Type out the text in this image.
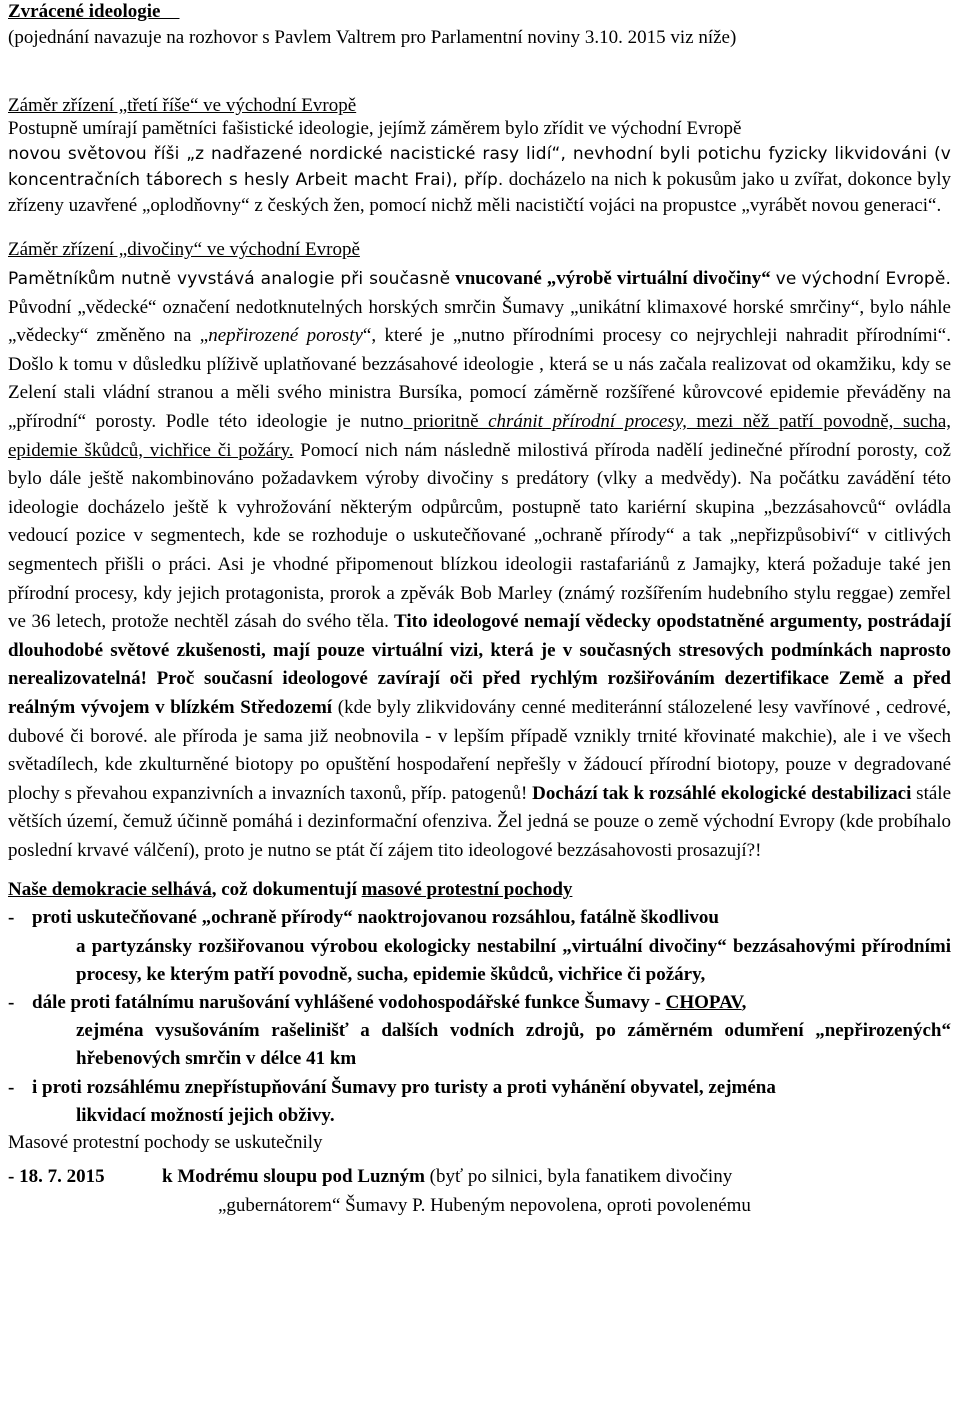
Zvrácené ideologie

(pojednání navazuje na rozhovor s Pavlem Valtrem pro Parlamentní noviny 3.10. 2015 viz níže)

Záměr zřízení „třetí říše“ ve východní Evropě

Postupně umírají pamětníci fašistické ideologie, jejímž záměrem bylo zřídit ve východní Evropě

novou světovou říši „z nadřazené nordické nacistické rasy lidí“, nevhodní byli potichu fyzicky likvidováni (v koncentračních táborech s hesly Arbeit macht Frai), příp. docházelo na nich k pokusům jako u zvířat, dokonce byly zřízeny uzavřené „oplodňovny“ z českých žen, pomocí nichž měli nacističtí vojáci na propustce „vyrábět novou generaci“.

Záměr zřízení „divočiny“ ve východní Evropě

Pamětníkům nutně vyvstává analogie při současně vnucované „výrobě virtuální divočiny“ ve východní Evropě. Původní „vědecké“ označení nedotknutelných horských smrčin Šumavy „unikátní klimaxové horské smrčiny“, bylo náhle „vědecky“ změněno na „nepřirozené porosty“, které je „nutno přírodními procesy co nejrychleji nahradit přírodními“. Došlo k tomu v důsledku plíživě uplatňované bezzásahové ideologie , která se u nás začala realizovat od okamžiku, kdy se Zelení stali vládní stranou a měli svého ministra Bursíka, pomocí záměrně rozšířené kůrovcové epidemie převáděny na „přírodní“ porosty. Podle této ideologie je nutno prioritně chránit přírodní procesy, mezi něž patří povodně, sucha, epidemie škůdců, vichřice či požáry. Pomocí nich nám následně milostivá příroda nadělí jedinečné přírodní porosty, což bylo dále ještě nakombinováno požadavkem výroby divočiny s predátory (vlky a medvědy). Na počátku zavádění této ideologie docházelo ještě k vyhrožování některým odpůrcům, postupně tato kariérní skupina „bezzásahovců“ ovládla vedoucí pozice v segmentech, kde se rozhoduje o uskutečňované „ochraně přírody“ a tak „nepřizpůsobiví“ v citlivých segmentech přišli o práci. Asi je vhodné připomenout blízkou ideologii rastafariánů z Jamajky, která požaduje také jen přírodní procesy, kdy jejich protagonista, prorok a zpěvák Bob Marley (známý rozšířením hudebního stylu reggae) zemřel ve 36 letech, protože nechtěl zásah do svého těla. Tito ideologové nemají vědecky opodstatněné argumenty, postrádají dlouhodobé světové zkušenosti, mají pouze virtuální vizi, která je v současných stresových podmínkách naprosto nerealizovatelná! Proč současní ideologové zavírají oči před rychlým rozšiřováním dezertifikace Země a před reálným vývojem v blízkém Středozemí (kde byly zlikvidovány cenné mediteránní stálozelené lesy vavřínové , cedrové, dubové či borové. ale příroda je sama již neobnovila - v lepším případě vznikly trnité křovinaté makchie), ale i ve všech světadílech, kde zkulturněné biotopy po opuštění hospodaření nepřešly v žádoucí přírodní biotopy, pouze v degradované plochy s převahou expanzivních a invazních taxonů, příp. patogenů! Dochází tak k rozsáhlé ekologické destabilizaci stále větších území, čemuž účinně pomáhá i dezinformační ofenziva. Žel jedná se pouze o země východní Evropy (kde probíhalo poslední krvavé válčení), proto je nutno se ptát čí zájem tito ideologové bezzásahovosti prosazují?!

Naše demokracie selhává, což dokumentují masové protestní pochody

- proti uskutečňované „ochraně přírody“ naoktrojovanou rozsáhlou, fatálně škodlivou
a partyzánsky rozšiřovanou výrobou ekologicky nestabilní „virtuální divočiny“ bezzásahovými přírodními procesy, ke kterým patří povodně, sucha, epidemie škůdců, vichřice či požáry,
- dále proti fatálnímu narušování vyhlášené vodohospodářské funkce Šumavy - CHOPAV,
zejména vysušováním rašelinišť a dalších vodních zdrojů, po záměrném odumření „nepřirozených“ hřebenových smrčin v délce 41 km
- i proti rozsáhlému znepřístupňování Šumavy pro turisty a proti vyhánění obyvatel, zejména
likvidací možností jejich obživy.

Masové protestní pochody se uskutečnily

- 18. 7. 2015	k Modrému sloupu pod Luzným (byť po silnici, byla fanatikem divočiny
„gubernátorem“ Šumavy P. Hubeným nepovolena, oproti povolenému
